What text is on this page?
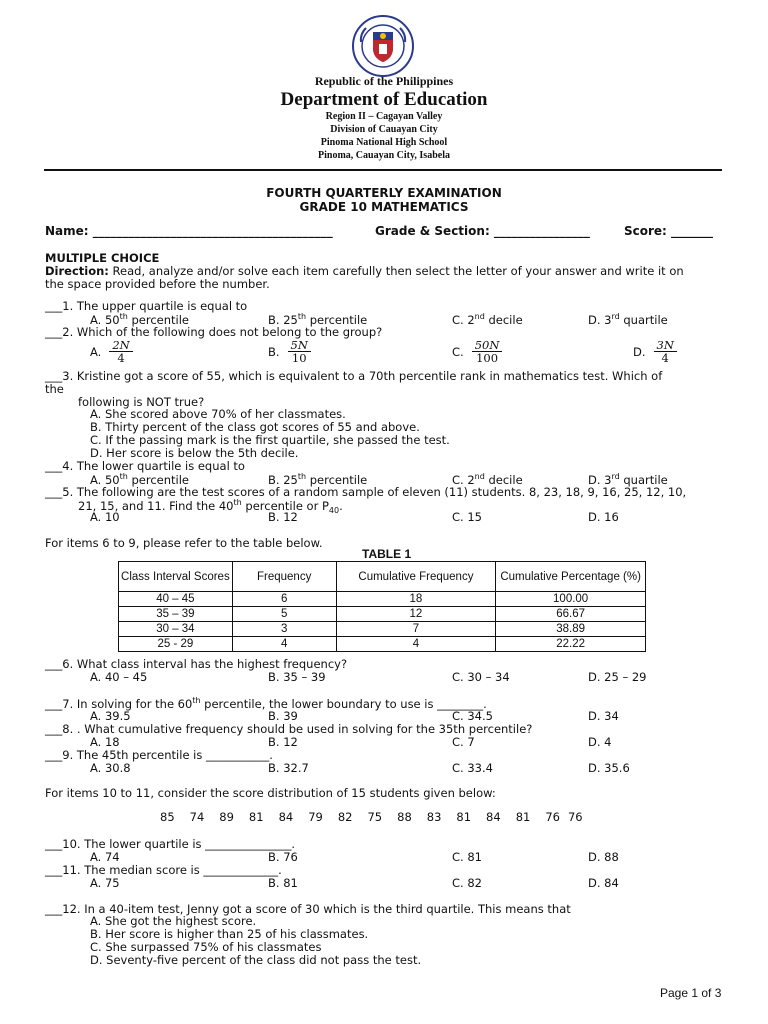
Republic of the Philippines
Department of Education
Region II – Cagayan Valley
Division of Cauayan City
Pinoma National High School
Pinoma, Cauayan City, Isabela
FOURTH QUARTERLY EXAMINATION
GRADE 10 MATHEMATICS
Name: ________________________________________	Grade & Section: ________________	Score: _______
MULTIPLE CHOICE
Direction: Read, analyze and/or solve each item carefully then select the letter of your answer and write it on
the space provided before the number.
___1. The upper quartile is equal to
A. 50th percentile	B. 25th percentile	C. 2nd decile	D. 3rd quartile
___2. Which of the following does not belong to the group?
A. $\frac{2N}{4}$	B. $\frac{5N}{10}$	C. $\frac{50N}{100}$	D. $\frac{3N}{4}$
___3. Kristine got a score of 55, which is equivalent to a 70th percentile rank in mathematics test. Which of
the
following is NOT true?
A. She scored above 70% of her classmates.
B. Thirty percent of the class got scores of 55 and above.
C. If the passing mark is the first quartile, she passed the test.
D. Her score is below the 5th decile.
___4. The lower quartile is equal to
A. 50th percentile	B. 25th percentile	C. 2nd decile	D. 3rd quartile
___5. The following are the test scores of a random sample of eleven (11) students. 8, 23, 18, 9, 16, 25, 12, 10,
21, 15, and 11. Find the 40th percentile or $P_{40}$.
A. 10	B. 12	C. 15	D. 16
For items 6 to 9, please refer to the table below.
TABLE 1
Class Interval Scores	Frequency	Cumulative Frequency	Cumulative Percentage (%)
40 – 45	6	18	100.00
35 – 39	5	12	66.67
30 – 34	3	7	38.89
25 - 29	4	4	22.22
___6. What class interval has the highest frequency?
A. 40 – 45	B. 35 – 39	C. 30 – 34	D. 25 – 29
___7. In solving for the 60th percentile, the lower boundary to use is ________.
A. 39.5	B. 39	C. 34.5	D. 34
___8. . What cumulative frequency should be used in solving for the 35th percentile?
A. 18	B. 12	C. 7	D. 4
___9. The 45th percentile is ___________.
A. 30.8	B. 32.7	C. 33.4	D. 35.6
For items 10 to 11, consider the score distribution of 15 students given below:
85 74 89 81 84 79 82 75 88 83 81 84 81 76 76
___10. The lower quartile is _______________.
A. 74	B. 76	C. 81	D. 88
___11. The median score is _____________.
A. 75	B. 81	C. 82	D. 84
___12. In a 40-item test, Jenny got a score of 30 which is the third quartile. This means that
A. She got the highest score.
B. Her score is higher than 25 of his classmates.
C. She surpassed 75% of his classmates
D. Seventy-five percent of the class did not pass the test.
Page 1 of 3
